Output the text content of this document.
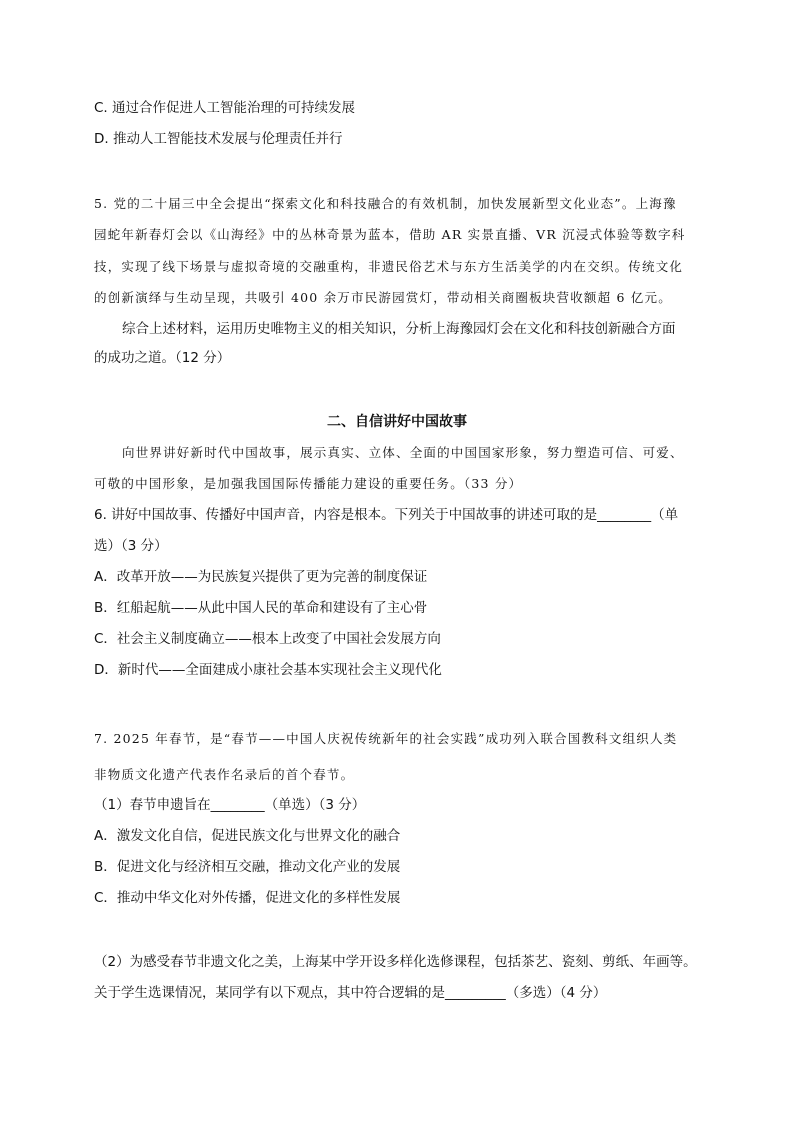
C. 通过合作促进人工智能治理的可持续发展
D. 推动人工智能技术发展与伦理责任并行
5. 党的二十届三中全会提出“探索文化和科技融合的有效机制，加快发展新型文化业态”。上海豫
园蛇年新春灯会以《山海经》中的丛林奇景为蓝本，借助 AR 实景直播、VR 沉浸式体验等数字科
技，实现了线下场景与虚拟奇境的交融重构，非遗民俗艺术与东方生活美学的内在交织。传统文化
的创新演绎与生动呈现，共吸引 400 余万市民游园赏灯，带动相关商圈板块营收额超 6 亿元。
综合上述材料，运用历史唯物主义的相关知识，分析上海豫园灯会在文化和科技创新融合方面
的成功之道。（12 分）
二、自信讲好中国故事
向世界讲好新时代中国故事，展示真实、立体、全面的中国国家形象，努力塑造可信、可爱、
可敬的中国形象，是加强我国国际传播能力建设的重要任务。（33 分）
6. 讲好中国故事、传播好中国声音，内容是根本。下列关于中国故事的讲述可取的是________（单
选）（3 分）
A．改革开放——为民族复兴提供了更为完善的制度保证
B．红船起航——从此中国人民的革命和建设有了主心骨
C．社会主义制度确立——根本上改变了中国社会发展方向
D．新时代——全面建成小康社会基本实现社会主义现代化
7. 2025 年春节，是“春节——中国人庆祝传统新年的社会实践”成功列入联合国教科文组织人类
非物质文化遗产代表作名录后的首个春节。
（1）春节申遗旨在________（单选）（3 分）
A．激发文化自信，促进民族文化与世界文化的融合
B．促进文化与经济相互交融，推动文化产业的发展
C．推动中华文化对外传播，促进文化的多样性发展
（2）为感受春节非遗文化之美，上海某中学开设多样化选修课程，包括茶艺、瓷刻、剪纸、年画等。
关于学生选课情况，某同学有以下观点，其中符合逻辑的是_________（多选）（4 分）
